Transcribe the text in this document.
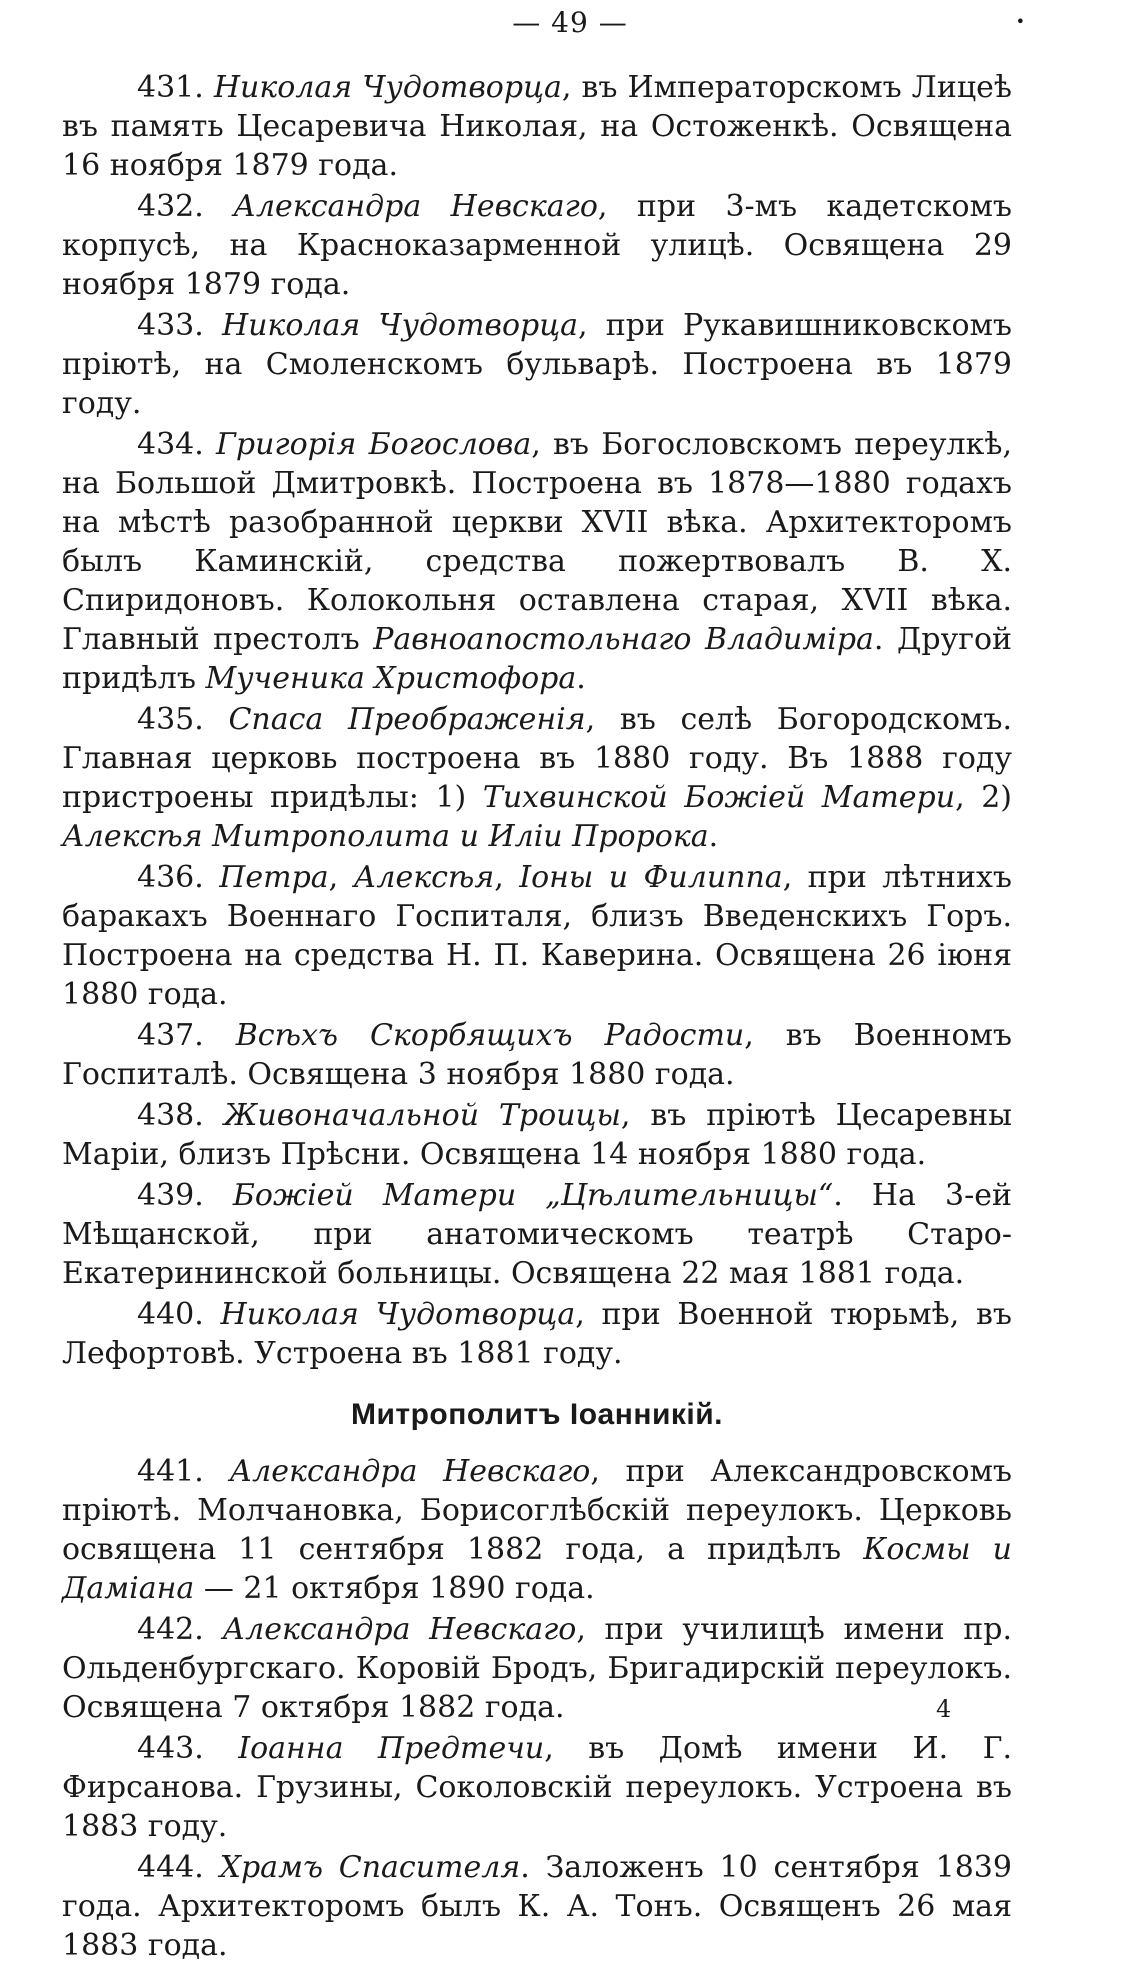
— 49 —	•

431. Николая Чудотворца, въ Императорскомъ Лицеѣ въ память Цесаревича Николая, на Остоженкѣ. Освящена 16 ноября 1879 года.

432. Александра Невскаго, при 3-мъ кадетскомъ корпусѣ, на Красноказарменной улицѣ. Освящена 29 ноября 1879 года.

433. Николая Чудотворца, при Рукавишниковскомъ пріютѣ, на Смоленскомъ бульварѣ. Построена въ 1879 году.

434. Григорія Богослова, въ Богословскомъ переулкѣ, на Большой Дмитровкѣ. Построена въ 1878—1880 годахъ на мѣстѣ разобранной церкви XVII вѣка. Архитекторомъ былъ Каминскій, средства пожертвовалъ В. Х. Спиридоновъ. Колокольня оставлена старая, XVII вѣка. Главный престолъ Равноапостольнаго Владиміра. Другой придѣлъ Мученика Христофора.

435. Спаса Преображенія, въ селѣ Богородскомъ. Главная церковь построена въ 1880 году. Въ 1888 году пристроены придѣлы: 1) Тихвинской Божіей Матери, 2) Алексѣя Митрополита и Иліи Пророка.

436. Петра, Алексѣя, Іоны и Филиппа, при лѣтнихъ баракахъ Военнаго Госпиталя, близъ Введенскихъ Горъ. Построена на средства Н. П. Каверина. Освящена 26 іюня 1880 года.

437. Всѣхъ Скорбящихъ Радости, въ Военномъ Госпиталѣ. Освящена 3 ноября 1880 года.

438. Живоначальной Троицы, въ пріютѣ Цесаревны Маріи, близъ Прѣсни. Освящена 14 ноября 1880 года.

439. Божіей Матери „Цѣлительницы“. На 3-ей Мѣщанской, при анатомическомъ театрѣ Старо-Екатерининской больницы. Освящена 22 мая 1881 года.

440. Николая Чудотворца, при Военной тюрьмѣ, въ Лефортовѣ. Устроена въ 1881 году.

Митрополитъ Іоанникій.

441. Александра Невскаго, при Александровскомъ пріютѣ. Молчановка, Борисоглѣбскій переулокъ. Церковь освящена 11 сентября 1882 года, а придѣлъ Космы и Даміана — 21 октября 1890 года.

442. Александра Невскаго, при училищѣ имени пр. Ольденбургскаго. Коровій Бродъ, Бригадирскій переулокъ. Освящена 7 октября 1882 года.

443. Іоанна Предтечи, въ Домѣ имени И. Г. Фирсанова. Грузины, Соколовскій переулокъ. Устроена въ 1883 году.

444. Храмъ Спасителя. Заложенъ 10 сентября 1839 года. Архитекторомъ былъ К. А. Тонъ. Освященъ 26 мая 1883 года.

4
